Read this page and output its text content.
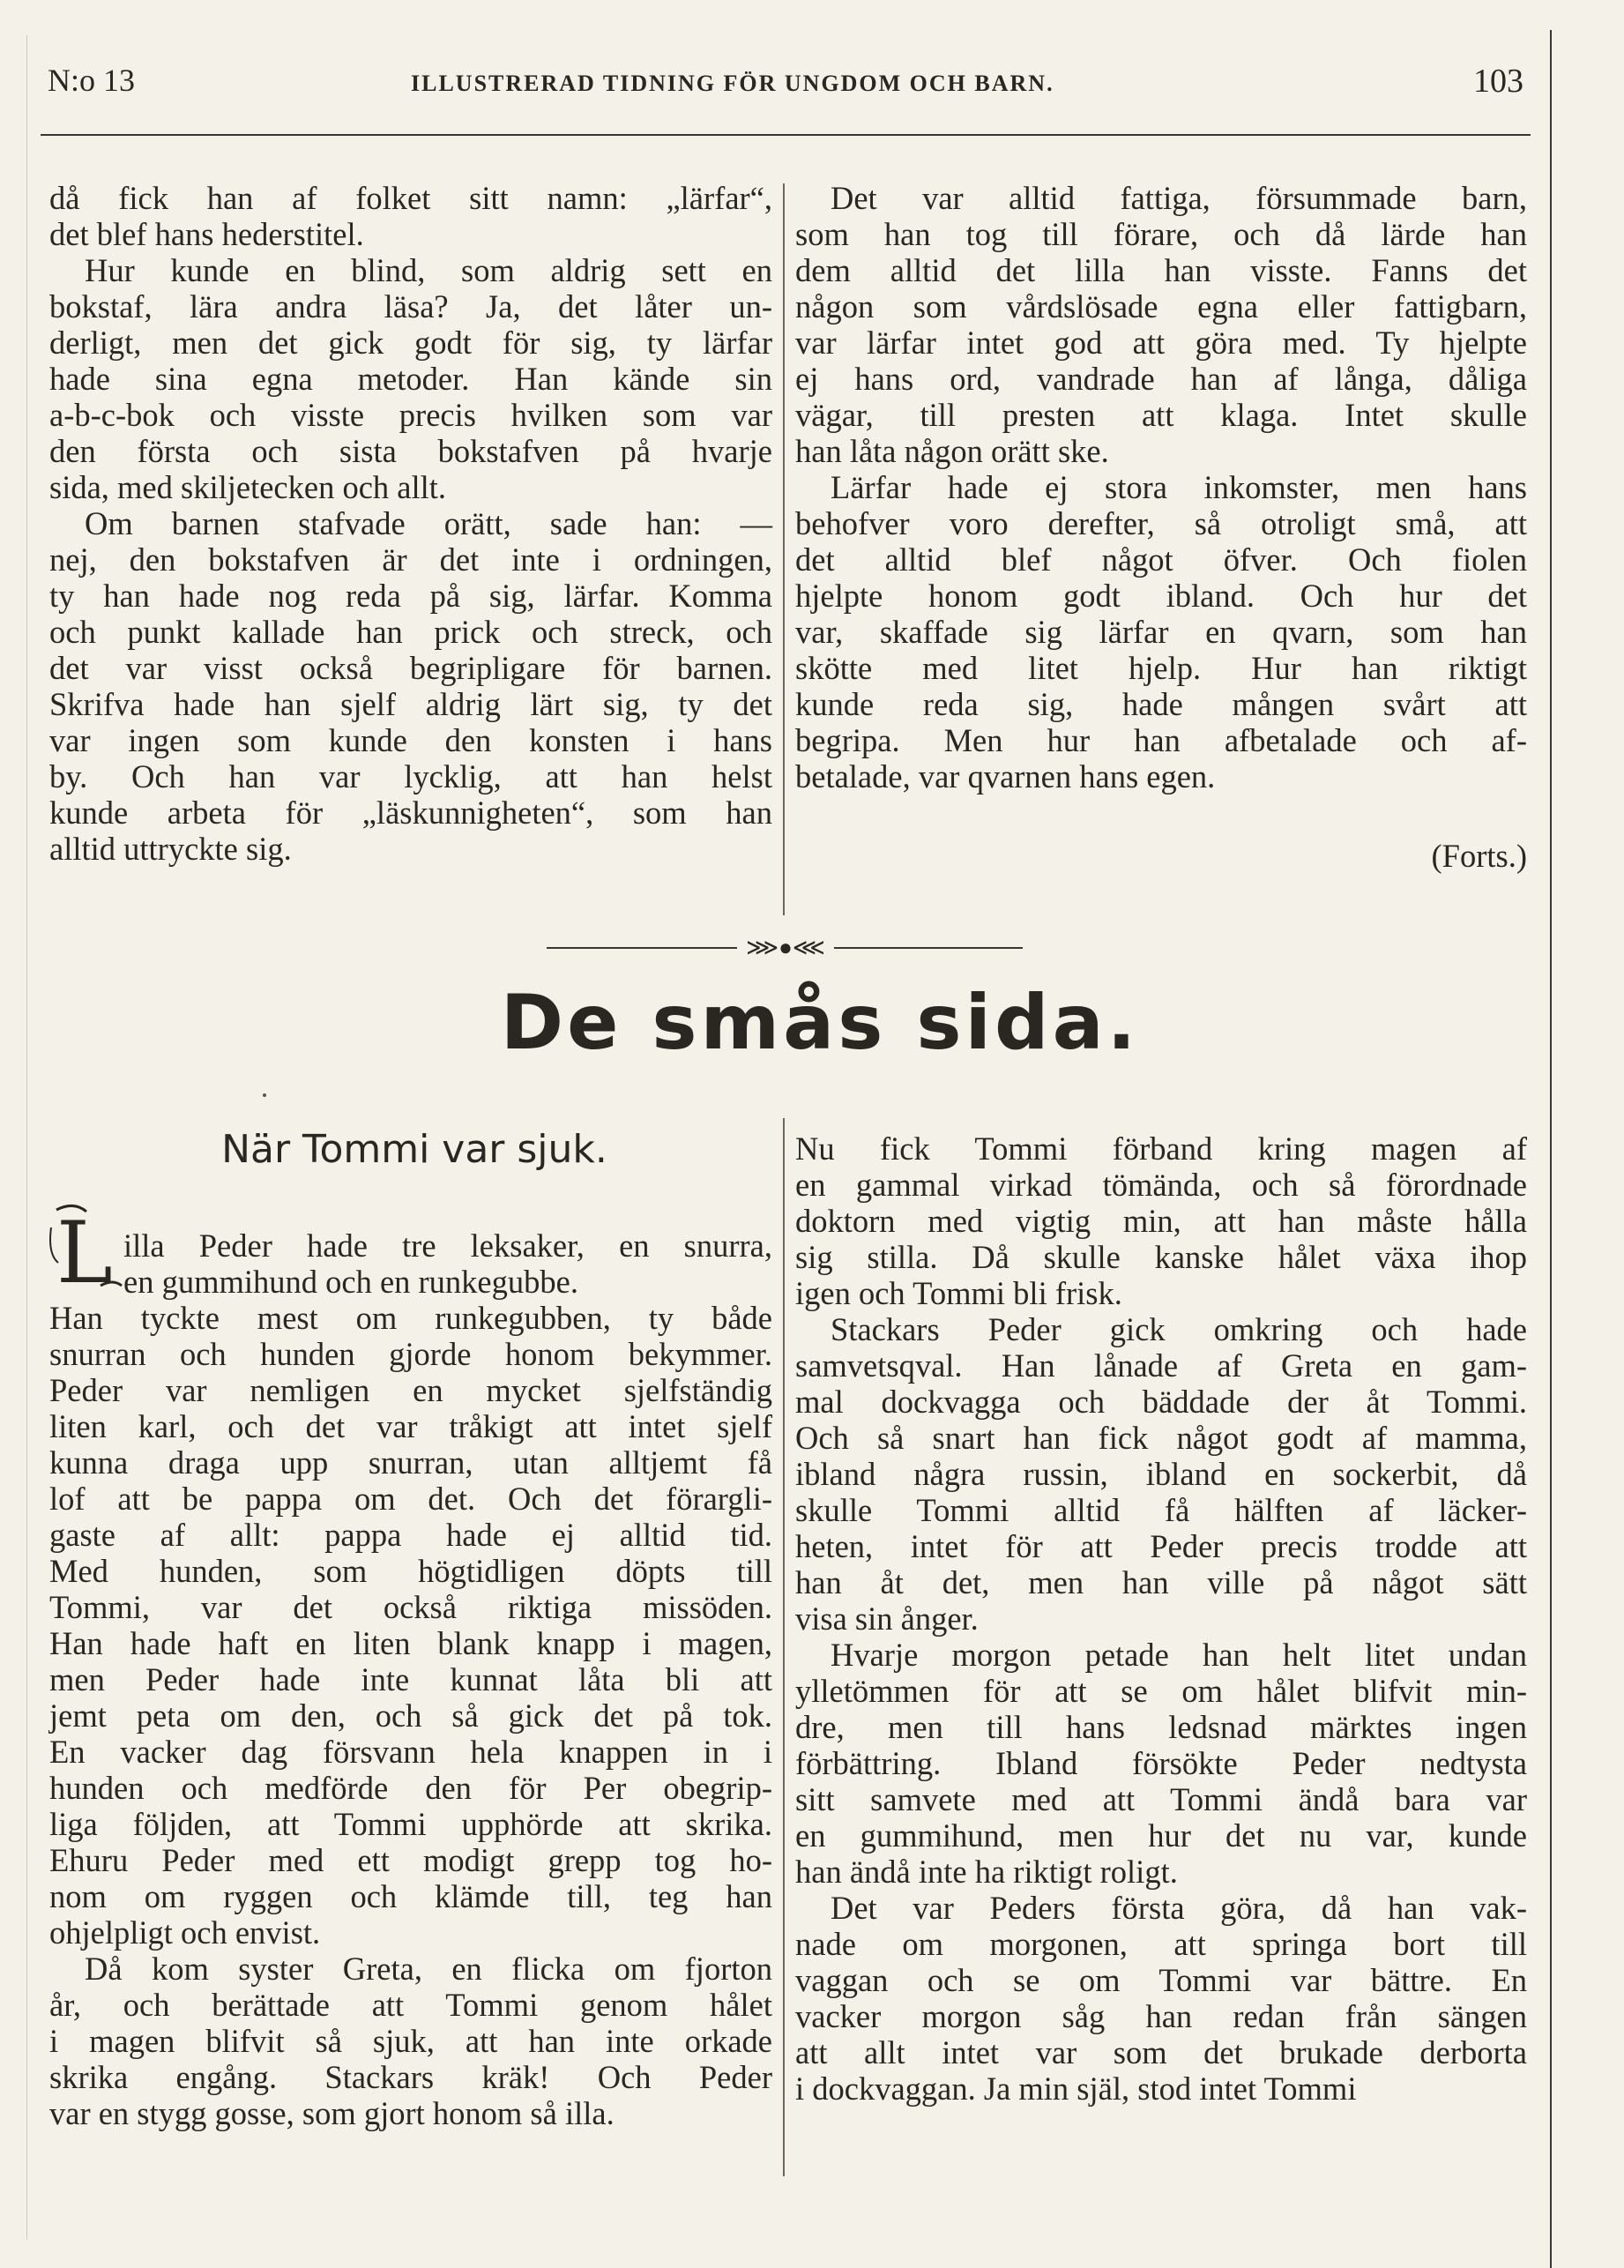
N:o 13	ILLUSTRERAD TIDNING FÖR UNGDOM OCH BARN.	103
då fick han af folket sitt namn: „lärfar“,
det blef hans hederstitel.
Hur kunde en blind, som aldrig sett en
bokstaf, lära andra läsa? Ja, det låter un-
derligt, men det gick godt för sig, ty lärfar
hade sina egna metoder. Han kände sin
a-b-c-bok och visste precis hvilken som var
den första och sista bokstafven på hvarje
sida, med skiljetecken och allt.
Om barnen stafvade orätt, sade han: —
nej, den bokstafven är det inte i ordningen,
ty han hade nog reda på sig, lärfar. Komma
och punkt kallade han prick och streck, och
det var visst också begripligare för barnen.
Skrifva hade han sjelf aldrig lärt sig, ty det
var ingen som kunde den konsten i hans
by. Och han var lycklig, att han helst
kunde arbeta för „läskunnigheten“, som han
alltid uttryckte sig.
Det var alltid fattiga, försummade barn,
som han tog till förare, och då lärde han
dem alltid det lilla han visste. Fanns det
någon som vårdslösade egna eller fattigbarn,
var lärfar intet god att göra med. Ty hjelpte
ej hans ord, vandrade han af långa, dåliga
vägar, till presten att klaga. Intet skulle
han låta någon orätt ske.
Lärfar hade ej stora inkomster, men hans
behofver voro derefter, så otroligt små, att
det alltid blef något öfver. Och fiolen
hjelpte honom godt ibland. Och hur det
var, skaffade sig lärfar en qvarn, som han
skötte med litet hjelp. Hur han riktigt
kunde reda sig, hade mången svårt att
begripa. Men hur han afbetalade och af-
betalade, var qvarnen hans egen.
(Forts.)
⋙●⋘
De smås sida.
När Tommi var sjuk.
L illa Peder hade tre leksaker, en snurra,
en gummihund och en runkegubbe.
Han tyckte mest om runkegubben, ty både
snurran och hunden gjorde honom bekymmer.
Peder var nemligen en mycket sjelfständig
liten karl, och det var tråkigt att intet sjelf
kunna draga upp snurran, utan alltjemt få
lof att be pappa om det. Och det förargli-
gaste af allt: pappa hade ej alltid tid.
Med hunden, som högtidligen döpts till
Tommi, var det också riktiga missöden.
Han hade haft en liten blank knapp i magen,
men Peder hade inte kunnat låta bli att
jemt peta om den, och så gick det på tok.
En vacker dag försvann hela knappen in i
hunden och medförde den för Per obegrip-
liga följden, att Tommi upphörde att skrika.
Ehuru Peder med ett modigt grepp tog ho-
nom om ryggen och klämde till, teg han
ohjelpligt och envist.
Då kom syster Greta, en flicka om fjorton
år, och berättade att Tommi genom hålet
i magen blifvit så sjuk, att han inte orkade
skrika engång. Stackars kräk! Och Peder
var en stygg gosse, som gjort honom så illa.
Nu fick Tommi förband kring magen af
en gammal virkad tömända, och så förordnade
doktorn med vigtig min, att han måste hålla
sig stilla. Då skulle kanske hålet växa ihop
igen och Tommi bli frisk.
Stackars Peder gick omkring och hade
samvetsqval. Han lånade af Greta en gam-
mal dockvagga och bäddade der åt Tommi.
Och så snart han fick något godt af mamma,
ibland några russin, ibland en sockerbit, då
skulle Tommi alltid få hälften af läcker-
heten, intet för att Peder precis trodde att
han åt det, men han ville på något sätt
visa sin ånger.
Hvarje morgon petade han helt litet undan
ylletömmen för att se om hålet blifvit min-
dre, men till hans ledsnad märktes ingen
förbättring. Ibland försökte Peder nedtysta
sitt samvete med att Tommi ändå bara var
en gummihund, men hur det nu var, kunde
han ändå inte ha riktigt roligt.
Det var Peders första göra, då han vak-
nade om morgonen, att springa bort till
vaggan och se om Tommi var bättre. En
vacker morgon såg han redan från sängen
att allt intet var som det brukade derborta
i dockvaggan. Ja min själ, stod intet Tommi
